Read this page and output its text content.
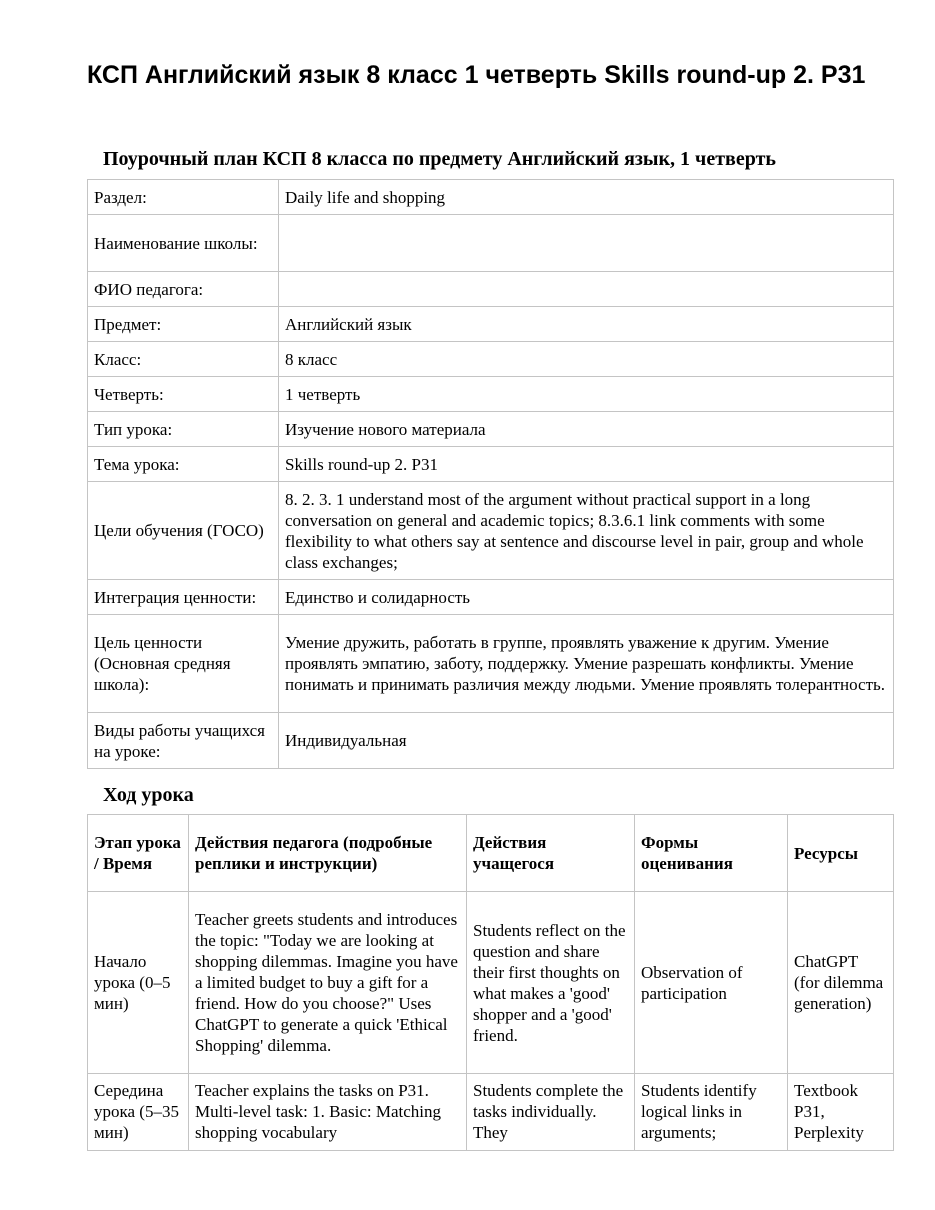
КСП Английский язык 8 класс 1 четверть Skills round-up 2. P31
Поурочный план КСП 8 класса по предмету Английский язык, 1 четверть
Раздел:	Daily life and shopping
Наименование школы:	
ФИО педагога:	
Предмет:	Английский язык
Класс:	8 класс
Четверть:	1 четверть
Тип урока:	Изучение нового материала
Тема урока:	Skills round-up 2. P31
Цели обучения (ГОСО)	8. 2. 3. 1 understand most of the argument without practical support in a long conversation on general and academic topics; 8.3.6.1 link comments with some flexibility to what others say at sentence and discourse level in pair, group and whole class exchanges;
Интеграция ценности:	Единство и солидарность
Цель ценности (Основная средняя школа):	Умение дружить, работать в группе, проявлять уважение к другим. Умение проявлять эмпатию, заботу, поддержку. Умение разрешать конфликты. Умение понимать и принимать различия между людьми. Умение проявлять толерантность.
Виды работы учащихся на уроке:	Индивидуальная
Ход урока
Этап урока / Время	Действия педагога (подробные реплики и инструкции)	Действия учащегося	Формы оценивания	Ресурсы
Начало урока (0–5 мин)	Teacher greets students and introduces the topic: "Today we are looking at shopping dilemmas. Imagine you have a limited budget to buy a gift for a friend. How do you choose?" Uses ChatGPT to generate a quick 'Ethical Shopping' dilemma.	Students reflect on the question and share their first thoughts on what makes a 'good' shopper and a 'good' friend.	Observation of participation	ChatGPT (for dilemma generation)
Середина урока (5–35 мин)	Teacher explains the tasks on P31. Multi-level task: 1. Basic: Matching shopping vocabulary	Students complete the tasks individually. They	Students identify logical links in arguments;	Textbook P31, Perplexity
